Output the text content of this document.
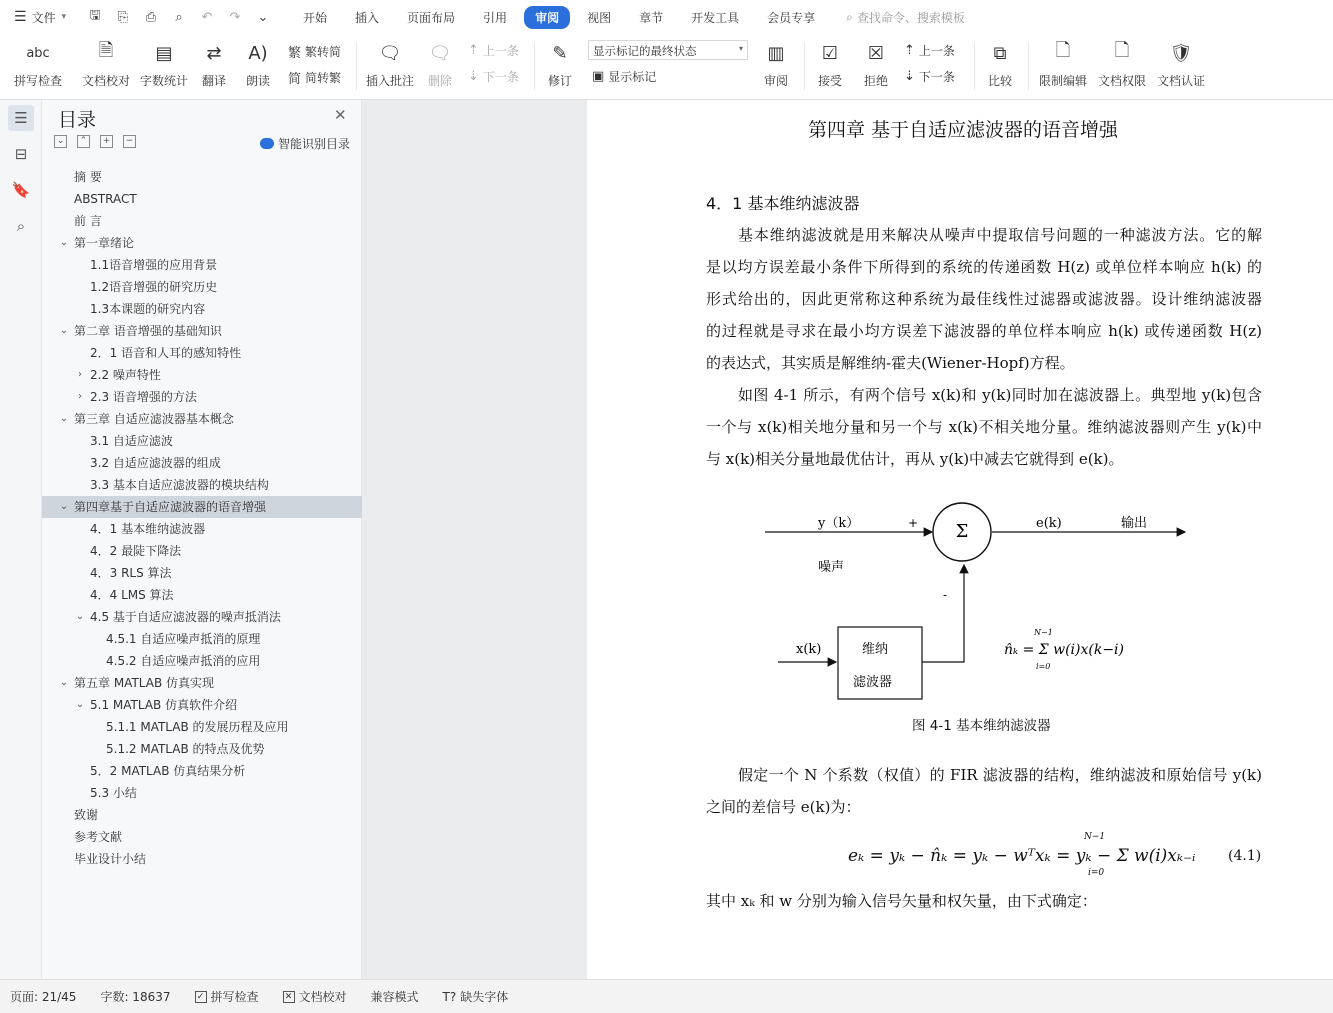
☰ 文件 ▾ 🖫 ⎘ ⎙	⌕	↶ ↷ ⌄	开始	插入	页面布局	引用	审阅	视图	章节	开发工具	会员专享	⌕ 查找命令、搜索模板
abc
拼写检查
🗎
文档校对
▤
字数统计
⇄
翻译
A)
朗读
繁 繁转简
简 简转繁
🗨
插入批注
🗨
删除
⇡ 上一条
⇣ 下一条
✎
修订
显示标记的最终状态	▾
▣ 显示标记
▥
审阅
☑
接受
☒
拒绝
⇡ 上一条
⇣ 下一条
⧉
比较
🗋
限制编辑
🗋
文档权限
🛡
文档认证
☰
⊟
🔖
⌕
目录	✕
⌄	⌃	+	−	智能识别目录
摘 要
ABSTRACT
前 言
⌄ 第一章绪论
1.1语音增强的应用背景
1.2语音增强的研究历史
1.3本课题的研究内容
⌄ 第二章 语音增强的基础知识
2．1 语音和人耳的感知特性
› 2.2 噪声特性
› 2.3 语音增强的方法
⌄ 第三章 自适应滤波器基本概念
3.1 自适应滤波
3.2 自适应滤波器的组成
3.3 基本自适应滤波器的模块结构
⌄ 第四章基于自适应滤波器的语音增强
4．1 基本维纳滤波器
4．2 最陡下降法
4．3 RLS 算法
4．4 LMS 算法
⌄ 4.5 基于自适应滤波器的噪声抵消法
4.5.1 自适应噪声抵消的原理
4.5.2 自适应噪声抵消的应用
⌄ 第五章 MATLAB 仿真实现
⌄ 5.1 MATLAB 仿真软件介绍
5.1.1 MATLAB 的发展历程及应用
5.1.2 MATLAB 的特点及优势
5．2 MATLAB 仿真结果分析
5.3 小结
致谢
参考文献
毕业设计小结
第四章 基于自适应滤波器的语音增强
4．1 基本维纳滤波器
基本维纳滤波就是用来解决从噪声中提取信号问题的一种滤波方法。它的解
是以均方误差最小条件下所得到的系统的传递函数 H(z) 或单位样本响应 h(k) 的
形式给出的，因此更常称这种系统为最佳线性过滤器或滤波器。设计维纳滤波器
的过程就是寻求在最小均方误差下滤波器的单位样本响应 h(k) 或传递函数 H(z)
的表达式，其实质是解维纳-霍夫(Wiener-Hopf)方程。
如图 4-1 所示，有两个信号 x(k)和 y(k)同时加在滤波器上。典型地 y(k)包含
一个与 x(k)相关地分量和另一个与 x(k)不相关地分量。维纳滤波器则产生 y(k)中
与 x(k)相关分量地最优估计，再从 y(k)中减去它就得到 e(k)。
Σ
y（k）	+	e(k)	输出
噪声
-
x(k)	维纳
滤波器
n̂ₖ = Σ w(i)x(k−i)
N−1
i=0
图 4-1 基本维纳滤波器
假定一个 N 个系数（权值）的 FIR 滤波器的结构，维纳滤波和原始信号 y(k)
之间的差信号 e(k)为：
N−1
eₖ = yₖ − n̂ₖ = yₖ − wᵀxₖ = yₖ − Σ w(i)xₖ₋ᵢ
i=0
(4.1)
其中 xₖ 和 w 分别为输入信号矢量和权矢量，由下式确定：
页面: 21/45 字数: 18637	✓ 拼写检查	✕ 文档校对 兼容模式 T? 缺失字体
